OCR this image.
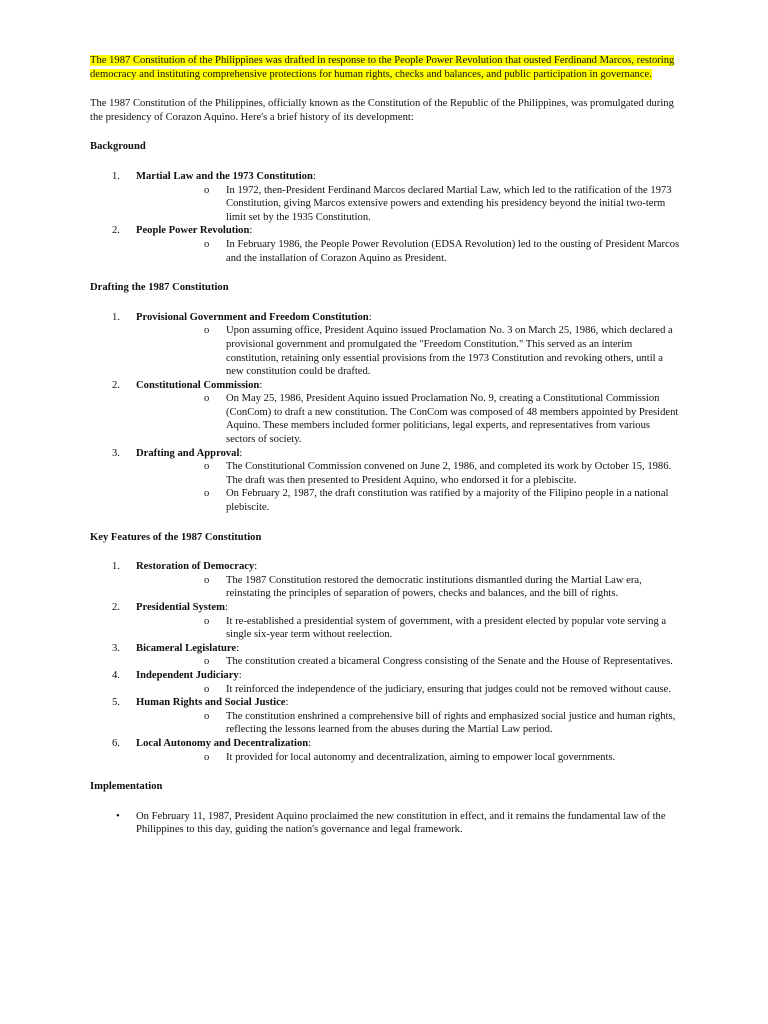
The 1987 Constitution of the Philippines was drafted in response to the People Power Revolution that ousted Ferdinand Marcos, restoring democracy and instituting comprehensive protections for human rights, checks and balances, and public participation in governance.

The 1987 Constitution of the Philippines, officially known as the Constitution of the Republic of the Philippines, was promulgated during the presidency of Corazon Aquino. Here's a brief history of its development:

Background

1. Martial Law and the 1973 Constitution:
o In 1972, then-President Ferdinand Marcos declared Martial Law, which led to the ratification of the 1973 Constitution, giving Marcos extensive powers and extending his presidency beyond the initial two-term limit set by the 1935 Constitution.
2. People Power Revolution:
o In February 1986, the People Power Revolution (EDSA Revolution) led to the ousting of President Marcos and the installation of Corazon Aquino as President.

Drafting the 1987 Constitution

1. Provisional Government and Freedom Constitution:
o Upon assuming office, President Aquino issued Proclamation No. 3 on March 25, 1986, which declared a provisional government and promulgated the "Freedom Constitution." This served as an interim constitution, retaining only essential provisions from the 1973 Constitution and revoking others, until a new constitution could be drafted.
2. Constitutional Commission:
o On May 25, 1986, President Aquino issued Proclamation No. 9, creating a Constitutional Commission (ConCom) to draft a new constitution. The ConCom was composed of 48 members appointed by President Aquino. These members included former politicians, legal experts, and representatives from various sectors of society.
3. Drafting and Approval:
o The Constitutional Commission convened on June 2, 1986, and completed its work by October 15, 1986. The draft was then presented to President Aquino, who endorsed it for a plebiscite.
o On February 2, 1987, the draft constitution was ratified by a majority of the Filipino people in a national plebiscite.

Key Features of the 1987 Constitution

1. Restoration of Democracy:
o The 1987 Constitution restored the democratic institutions dismantled during the Martial Law era, reinstating the principles of separation of powers, checks and balances, and the bill of rights.
2. Presidential System:
o It re-established a presidential system of government, with a president elected by popular vote serving a single six-year term without reelection.
3. Bicameral Legislature:
o The constitution created a bicameral Congress consisting of the Senate and the House of Representatives.
4. Independent Judiciary:
o It reinforced the independence of the judiciary, ensuring that judges could not be removed without cause.
5. Human Rights and Social Justice:
o The constitution enshrined a comprehensive bill of rights and emphasized social justice and human rights, reflecting the lessons learned from the abuses during the Martial Law period.
6. Local Autonomy and Decentralization:
o It provided for local autonomy and decentralization, aiming to empower local governments.

Implementation

• On February 11, 1987, President Aquino proclaimed the new constitution in effect, and it remains the fundamental law of the Philippines to this day, guiding the nation's governance and legal framework.
